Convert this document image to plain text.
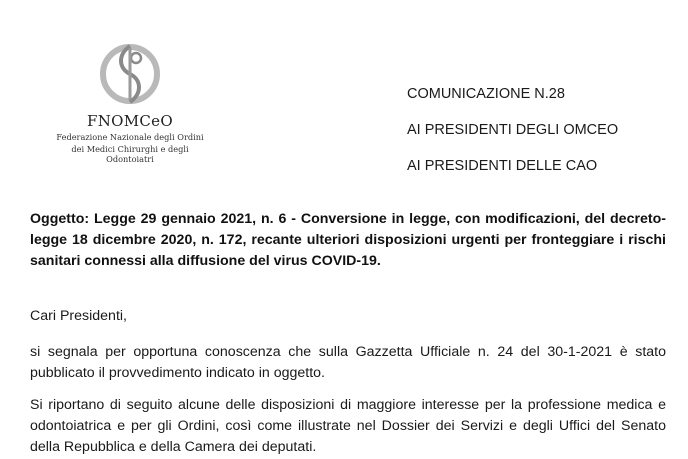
FNOMCeO
Federazione Nazionale degli Ordini
dei Medici Chirurghi e degli Odontoiatri
COMUNICAZIONE N.28
AI PRESIDENTI DEGLI OMCEO
AI PRESIDENTI DELLE CAO
Oggetto: Legge 29 gennaio 2021, n. 6 - Conversione in legge, con modificazioni, del decreto-legge 18 dicembre 2020, n. 172, recante ulteriori disposizioni urgenti per fronteggiare i rischi sanitari connessi alla diffusione del virus COVID-19.
Cari Presidenti,
si segnala per opportuna conoscenza che sulla Gazzetta Ufficiale n. 24 del 30-1-2021 è stato pubblicato il provvedimento indicato in oggetto.
Si riportano di seguito alcune delle disposizioni di maggiore interesse per la professione medica e odontoiatrica e per gli Ordini, così come illustrate nel Dossier dei Servizi e degli Uffici del Senato della Repubblica e della Camera dei deputati.
